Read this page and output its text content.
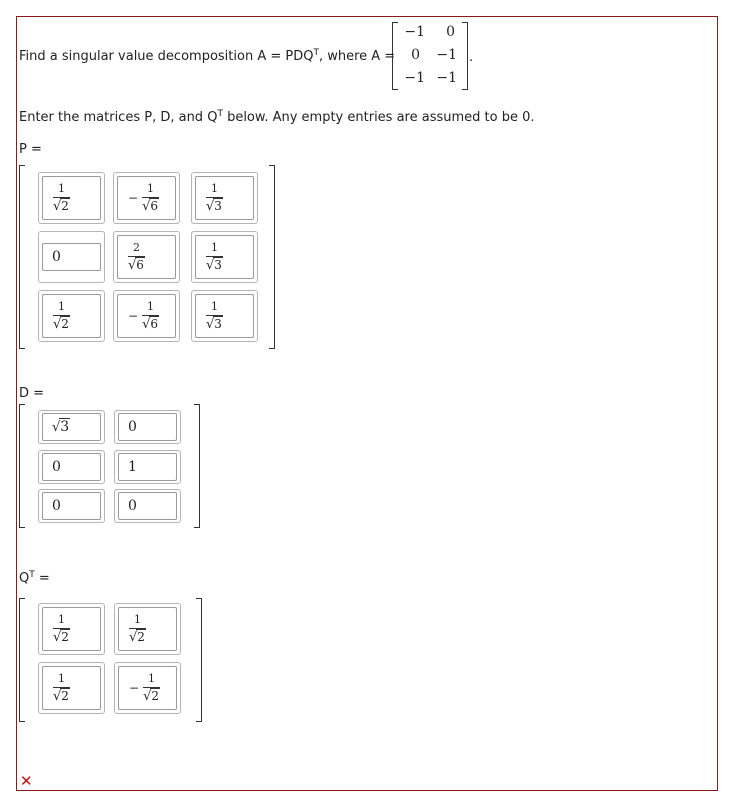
Find a singular value decomposition $A = PDQ^T$, where A =
−1	0
0	−1
−1 −1
.
Enter the matrices P, D, and $Q^T$ below. Any empty entries are assumed to be 0.
P =
$\frac{1}{√2}$	− $\frac{1}{√6}$	$\frac{1}{√3}$
0	$\frac{2}{√6}$	$\frac{1}{√3}$
$\frac{1}{√2}$	− $\frac{1}{√6}$	$\frac{1}{√3}$
D =
√3	0
0	1
0	0
$Q^T$ =
$\frac{1}{√2}$	$\frac{1}{√2}$
$\frac{1}{√2}$	− $\frac{1}{√2}$
✕
